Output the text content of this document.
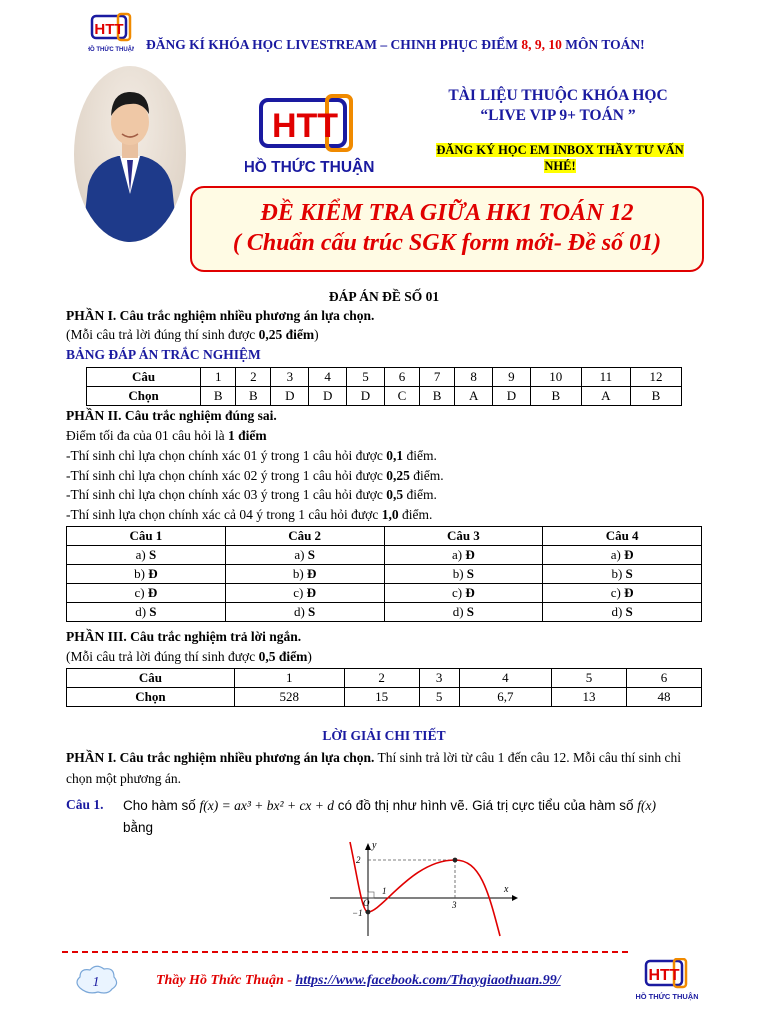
HTT
HỒ THỨC THUẬN ĐĂNG KÍ KHÓA HỌC LIVESTREAM – CHINH PHỤC ĐIỂM 8, 9, 10 MÔN TOÁN!
HTT
HỒ THỨC THUẬN
TÀI LIỆU THUỘC KHÓA HỌC
“LIVE VIP 9+ TOÁN ”
ĐĂNG KÝ HỌC EM INBOX THẦY TƯ VẤN NHÉ!
ĐỀ KIỂM TRA GIỮA HK1 TOÁN 12
( Chuẩn cấu trúc SGK form mới- Đề số 01)
ĐÁP ÁN ĐỀ SỐ 01
PHẦN I. Câu trắc nghiệm nhiều phương án lựa chọn.
(Mỗi câu trả lời đúng thí sinh được 0,25 điểm)
BẢNG ĐÁP ÁN TRẮC NGHIỆM
Câu	1	2	3	4	5	6	7	8	9	10	11	12
Chọn	B	B	D	D	D	C	B	A	D	B	A	B
PHẦN II. Câu trắc nghiệm đúng sai.
Điểm tối đa của 01 câu hỏi là 1 điểm
-Thí sinh chỉ lựa chọn chính xác 01 ý trong 1 câu hỏi được 0,1 điểm.
-Thí sinh chỉ lựa chọn chính xác 02 ý trong 1 câu hỏi được 0,25 điểm.
-Thí sinh chỉ lựa chọn chính xác 03 ý trong 1 câu hỏi được 0,5 điểm.
-Thí sinh lựa chọn chính xác cả 04 ý trong 1 câu hỏi được 1,0 điểm.
Câu 1	Câu 2	Câu 3	Câu 4
a) S	a) S	a) Đ	a) Đ
b) Đ	b) Đ	b) S	b) S
c) Đ	c) Đ	c) Đ	c) Đ
d) S	d) S	d) S	d) S
PHẦN III. Câu trắc nghiệm trả lời ngắn.
(Mỗi câu trả lời đúng thí sinh được 0,5 điểm)
Câu	1	2	3	4	5	6
Chọn	528	15	5	6,7	13	48
LỜI GIẢI CHI TIẾT
PHẦN I. Câu trắc nghiệm nhiều phương án lựa chọn. Thí sinh trả lời từ câu 1 đến câu 12. Mỗi câu thí sinh chỉ chọn một phương án.
Câu 1. Cho hàm số f(x) = ax³ + bx² + cx + d có đồ thị như hình vẽ. Giá trị cực tiểu của hàm số f(x)
bằng
y
x
O
2
−1
1
3
1	Thầy Hồ Thức Thuận - https://www.facebook.com/Thaygiaothuan.99/	HTT
HỒ THỨC THUẬN
